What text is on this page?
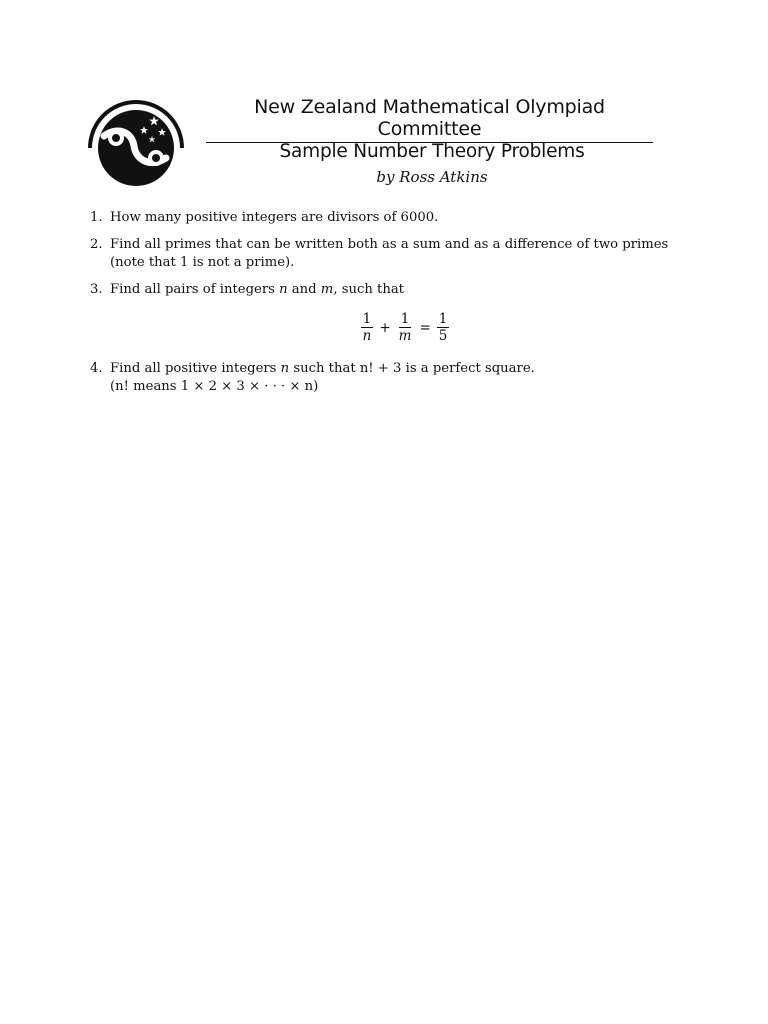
New Zealand Mathematical Olympiad Committee
Sample Number Theory Problems
by Ross Atkins
1. How many positive integers are divisors of 6000.
2. Find all primes that can be written both as a sum and as a difference of two primes (note that 1 is not a prime).
3. Find all pairs of integers n and m, such that
$\frac{1}{n} + \frac{1}{m} = \frac{1}{5}$
4. Find all positive integers n such that n! + 3 is a perfect square.
(n! means 1 × 2 × 3 × · · · × n)
